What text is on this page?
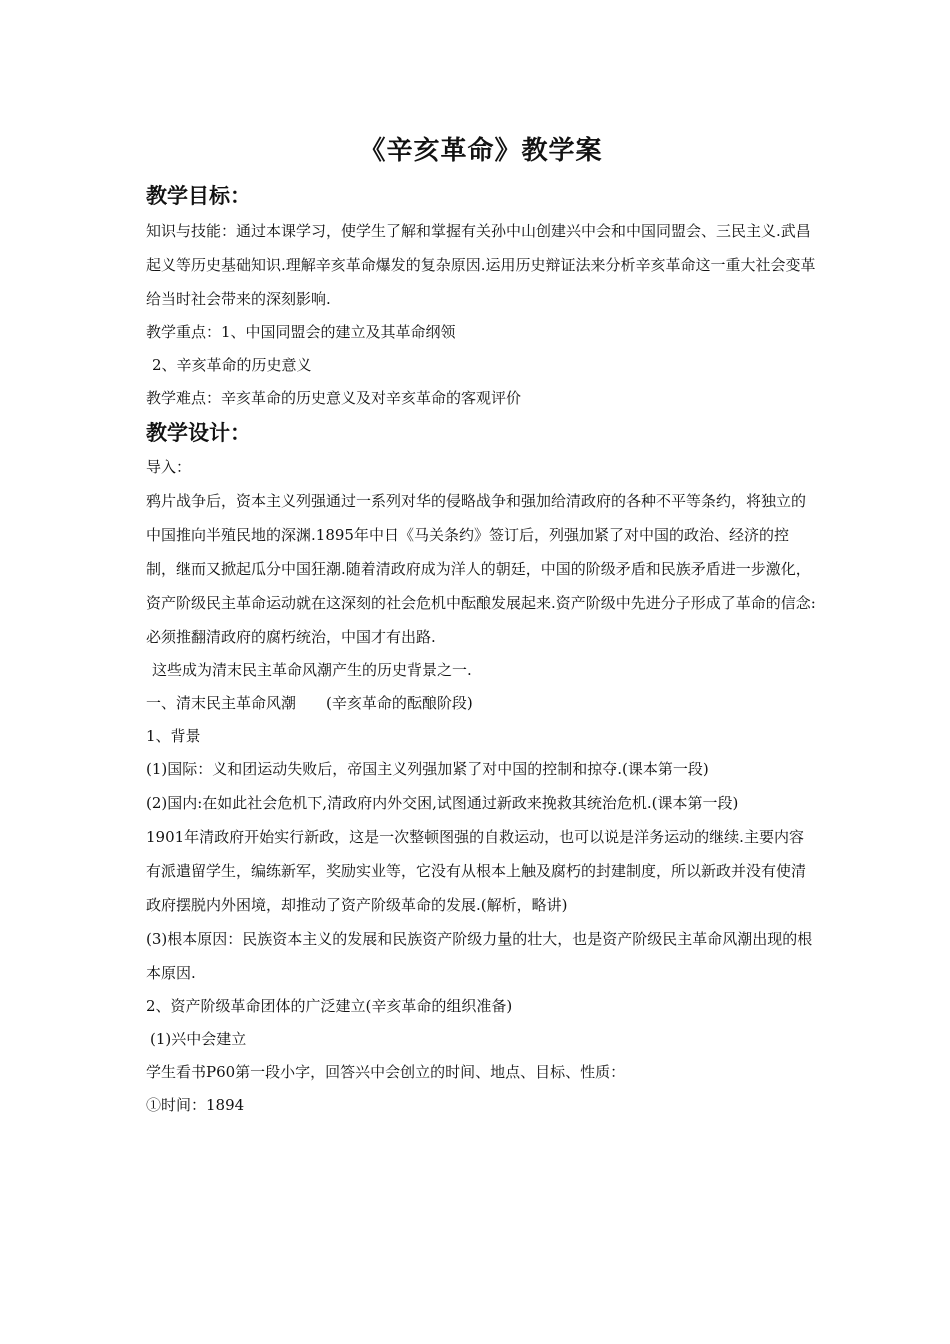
《辛亥革命》教学案
教学目标：
知识与技能：通过本课学习，使学生了解和掌握有关孙中山创建兴中会和中国同盟会、三民主义.武昌起义等历史基础知识.理解辛亥革命爆发的复杂原因.运用历史辩证法来分析辛亥革命这一重大社会变革给当时社会带来的深刻影响.
教学重点：1、中国同盟会的建立及其革命纲领
2、辛亥革命的历史意义
教学难点：辛亥革命的历史意义及对辛亥革命的客观评价
教学设计：
导入：
鸦片战争后，资本主义列强通过一系列对华的侵略战争和强加给清政府的各种不平等条约，将独立的中国推向半殖民地的深渊.1895年中日《马关条约》签订后，列强加紧了对中国的政治、经济的控制，继而又掀起瓜分中国狂潮.随着清政府成为洋人的朝廷，中国的阶级矛盾和民族矛盾进一步激化，资产阶级民主革命运动就在这深刻的社会危机中酝酿发展起来.资产阶级中先进分子形成了革命的信念:必须推翻清政府的腐朽统治，中国才有出路.
这些成为清末民主革命风潮产生的历史背景之一.
一、清末民主革命风潮　　(辛亥革命的酝酿阶段)
1、背景
(1)国际：义和团运动失败后，帝国主义列强加紧了对中国的控制和掠夺.(课本第一段)
(2)国内:在如此社会危机下,清政府内外交困,试图通过新政来挽救其统治危机.(课本第一段)
1901年清政府开始实行新政，这是一次整顿图强的自救运动，也可以说是洋务运动的继续.主要内容有派遣留学生，编练新军，奖励实业等，它没有从根本上触及腐朽的封建制度，所以新政并没有使清政府摆脱内外困境，却推动了资产阶级革命的发展.(解析，略讲)
(3)根本原因：民族资本主义的发展和民族资产阶级力量的壮大，也是资产阶级民主革命风潮出现的根本原因.
2、资产阶级革命团体的广泛建立(辛亥革命的组织准备)
(1)兴中会建立
学生看书P60第一段小字，回答兴中会创立的时间、地点、目标、性质：
①时间：1894
